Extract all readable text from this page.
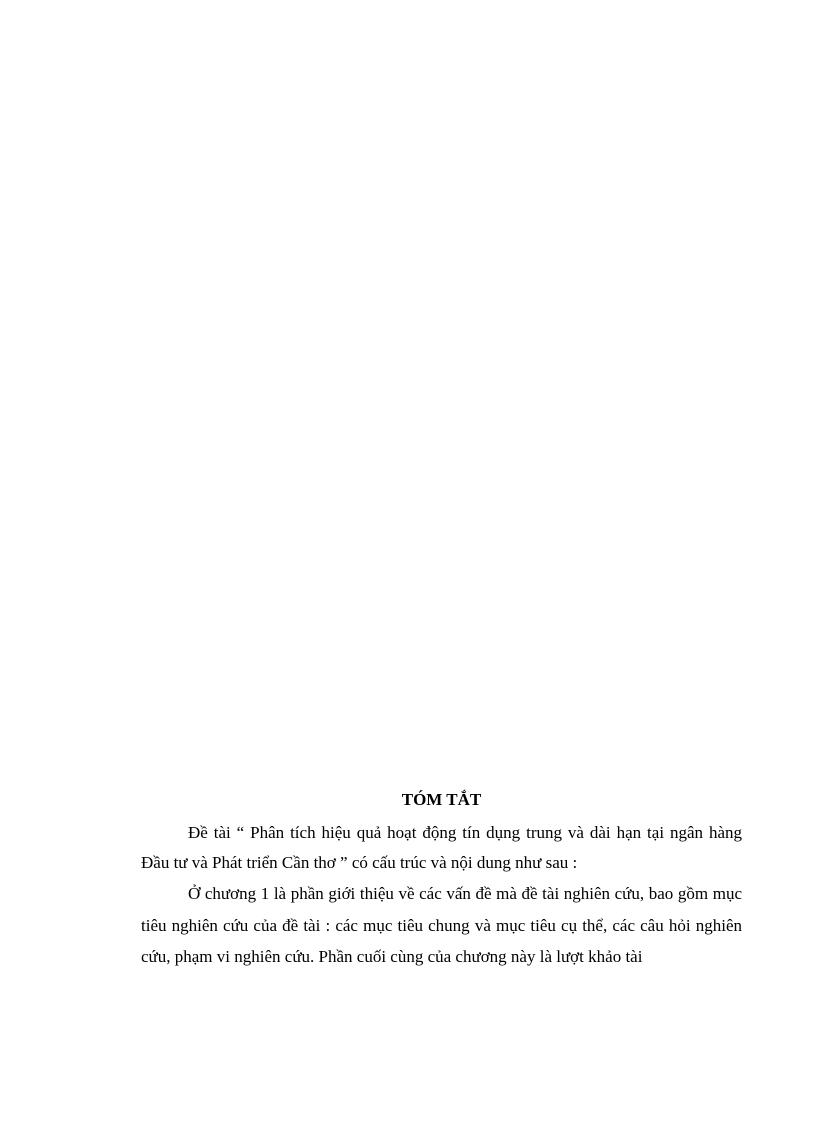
TÓM TẮT

Đề tài “ Phân tích hiệu quả hoạt động tín dụng trung và dài hạn tại ngân hàng Đầu tư và Phát triển Cần thơ ” có cấu trúc và nội dung như sau :

Ở chương 1 là phần giới thiệu về các vấn đề mà đề tài nghiên cứu, bao gồm mục tiêu nghiên cứu của đề tài : các mục tiêu chung và mục tiêu cụ thể, các câu hỏi nghiên cứu, phạm vi nghiên cứu. Phần cuối cùng của chương này là lượt khảo tài
